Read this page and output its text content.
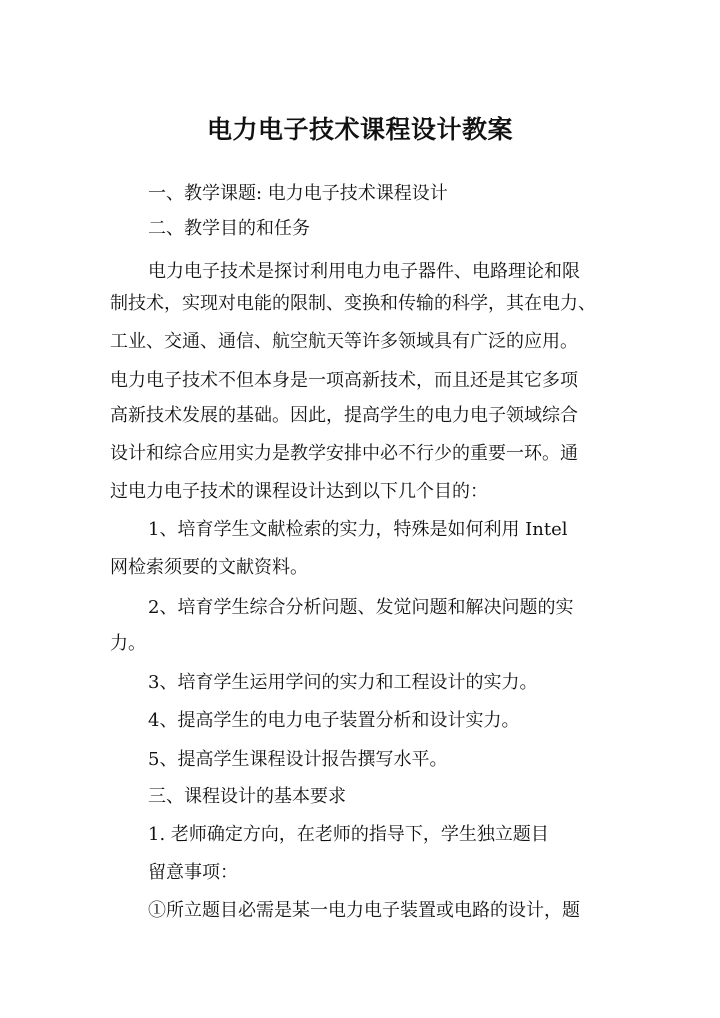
电力电子技术课程设计教案

一、教学课题: 电力电子技术课程设计

二、教学目的和任务

电力电子技术是探讨利用电力电子器件、电路理论和限

制技术，实现对电能的限制、变换和传输的科学，其在电力、

工业、交通、通信、航空航天等许多领域具有广泛的应用。

电力电子技术不但本身是一项高新技术，而且还是其它多项

高新技术发展的基础。因此，提高学生的电力电子领域综合

设计和综合应用实力是教学安排中必不行少的重要一环。通

过电力电子技术的课程设计达到以下几个目的：

1、培育学生文献检索的实力，特殊是如何利用 Intel

网检索须要的文献资料。

2、培育学生综合分析问题、发觉问题和解决问题的实

力。

3、培育学生运用学问的实力和工程设计的实力。

4、提高学生的电力电子装置分析和设计实力。

5、提高学生课程设计报告撰写水平。

三、课程设计的基本要求

1. 老师确定方向，在老师的指导下，学生独立题目

留意事项：

①所立题目必需是某一电力电子装置或电路的设计，题
